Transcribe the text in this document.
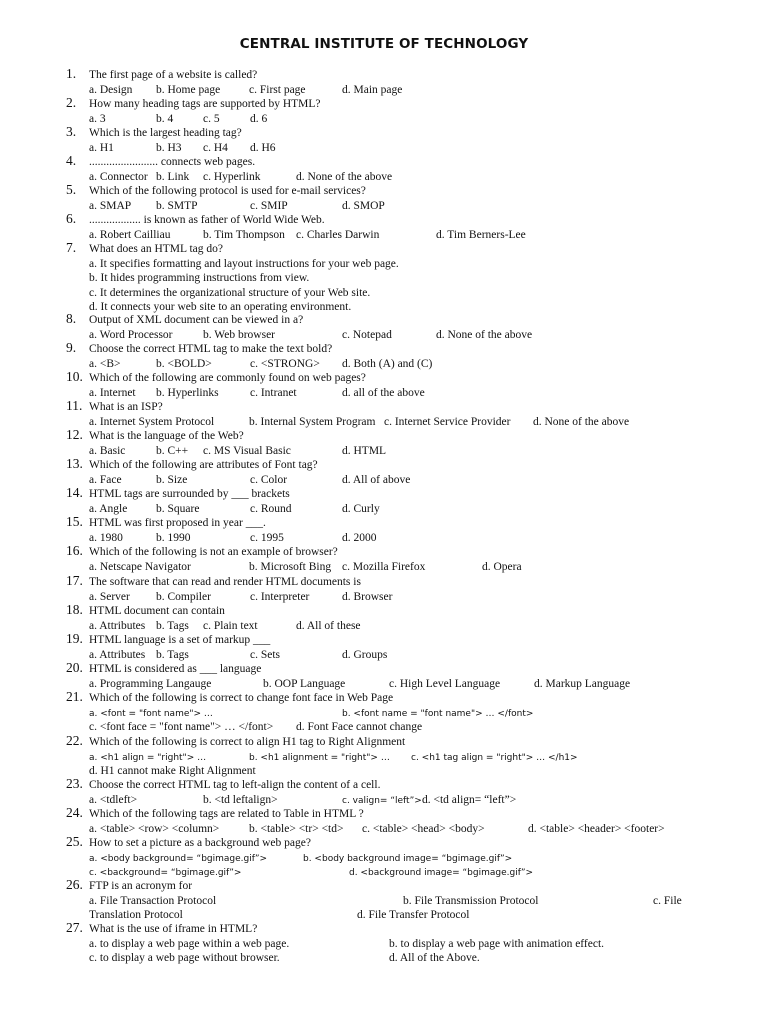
CENTRAL INSTITUTE OF TECHNOLOGY
1.	The first page of a website is called?
a. Design b. Home page	c. First page	d. Main page
2.	How many heading tags are supported by HTML?
a. 3	b. 4	c. 5	d. 6
3.	Which is the largest heading tag?
a. H1	b. H3 c. H4 d. H6
4.	........................ connects web pages.
a. Connector b. Link c. Hyperlink	d. None of the above
5.	Which of the following protocol is used for e-mail services?
a. SMAP b. SMTP	c. SMIP	d. SMOP
6.	.................. is known as father of World Wide Web.
a. Robert Cailliau	b. Tim Thompson c. Charles Darwin	d. Tim Berners-Lee
7.	What does an HTML tag do?
a. It specifies formatting and layout instructions for your web page.
b. It hides programming instructions from view.
c. It determines the organizational structure of your Web site.
d. It connects your web site to an operating environment.
8.	Output of XML document can be viewed in a?
a. Word Processor	b. Web browser	c. Notepad	d. None of the above
9.	Choose the correct HTML tag to make the text bold?
a. <B>	b. <BOLD>	c. <STRONG> d. Both (A) and (C)
10. Which of the following are commonly found on web pages?
a. Internet b. Hyperlinks	c. Intranet	d. all of the above
11. What is an ISP?
a. Internet System Protocol	b. Internal System Program c. Internet Service Provider d. None of the above
12. What is the language of the Web?
a. Basic	b. C++ c. MS Visual Basic	d. HTML
13. Which of the following are attributes of Font tag?
a. Face	b. Size	c. Color	d. All of above
14. HTML tags are surrounded by ___ brackets
a. Angle b. Square	c. Round	d. Curly
15. HTML was first proposed in year ___.
a. 1980	b. 1990	c. 1995	d. 2000
16. Which of the following is not an example of browser?
a. Netscape Navigator	b. Microsoft Bing c. Mozilla Firefox	d. Opera
17. The software that can read and render HTML documents is
a. Server b. Compiler	c. Interpreter	d. Browser
18. HTML document can contain
a. Attributes b. Tags c. Plain text	d. All of these
19. HTML language is a set of markup ___
a. Attributes b. Tags	c. Sets	d. Groups
20. HTML is considered as ___ language
a. Programming Langauge	b. OOP Language	c. High Level Language	d. Markup Language
21. Which of the following is correct to change font face in Web Page
a. <font = "font name"> …	b. <font name = "font name"> … </font>
c. <font face = "font name"> … </font> d. Font Face cannot change
22. Which of the following is correct to align H1 tag to Right Alignment
a. <h1 align = "right"> …	b. <h1 alignment = "right"> … c. <h1 tag align = "right"> … </h1>
d. H1 cannot make Right Alignment
23. Choose the correct HTML tag to left-align the content of a cell.
a. <tdleft>	b. <td leftalign>	c. valign= “left”> d. <td align= “left”>
24. Which of the following tags are related to Table in HTML ?
a. <table> <row> <column>	b. <table> <tr> <td> c. <table> <head> <body>	d. <table> <header> <footer>
25. How to set a picture as a background web page?
a. <body background= “bgimage.gif”>	b. <body background image= “bgimage.gif”>
c. <background= “bgimage.gif”>	d. <background image= “bgimage.gif”>
26. FTP is an acronym for
a. File Transaction Protocol	b. File Transmission Protocol	c. File
Translation Protocol	d. File Transfer Protocol
27. What is the use of iframe in HTML?
a. to display a web page within a web page.	b. to display a web page with animation effect.
c. to display a web page without browser.	d. All of the Above.
